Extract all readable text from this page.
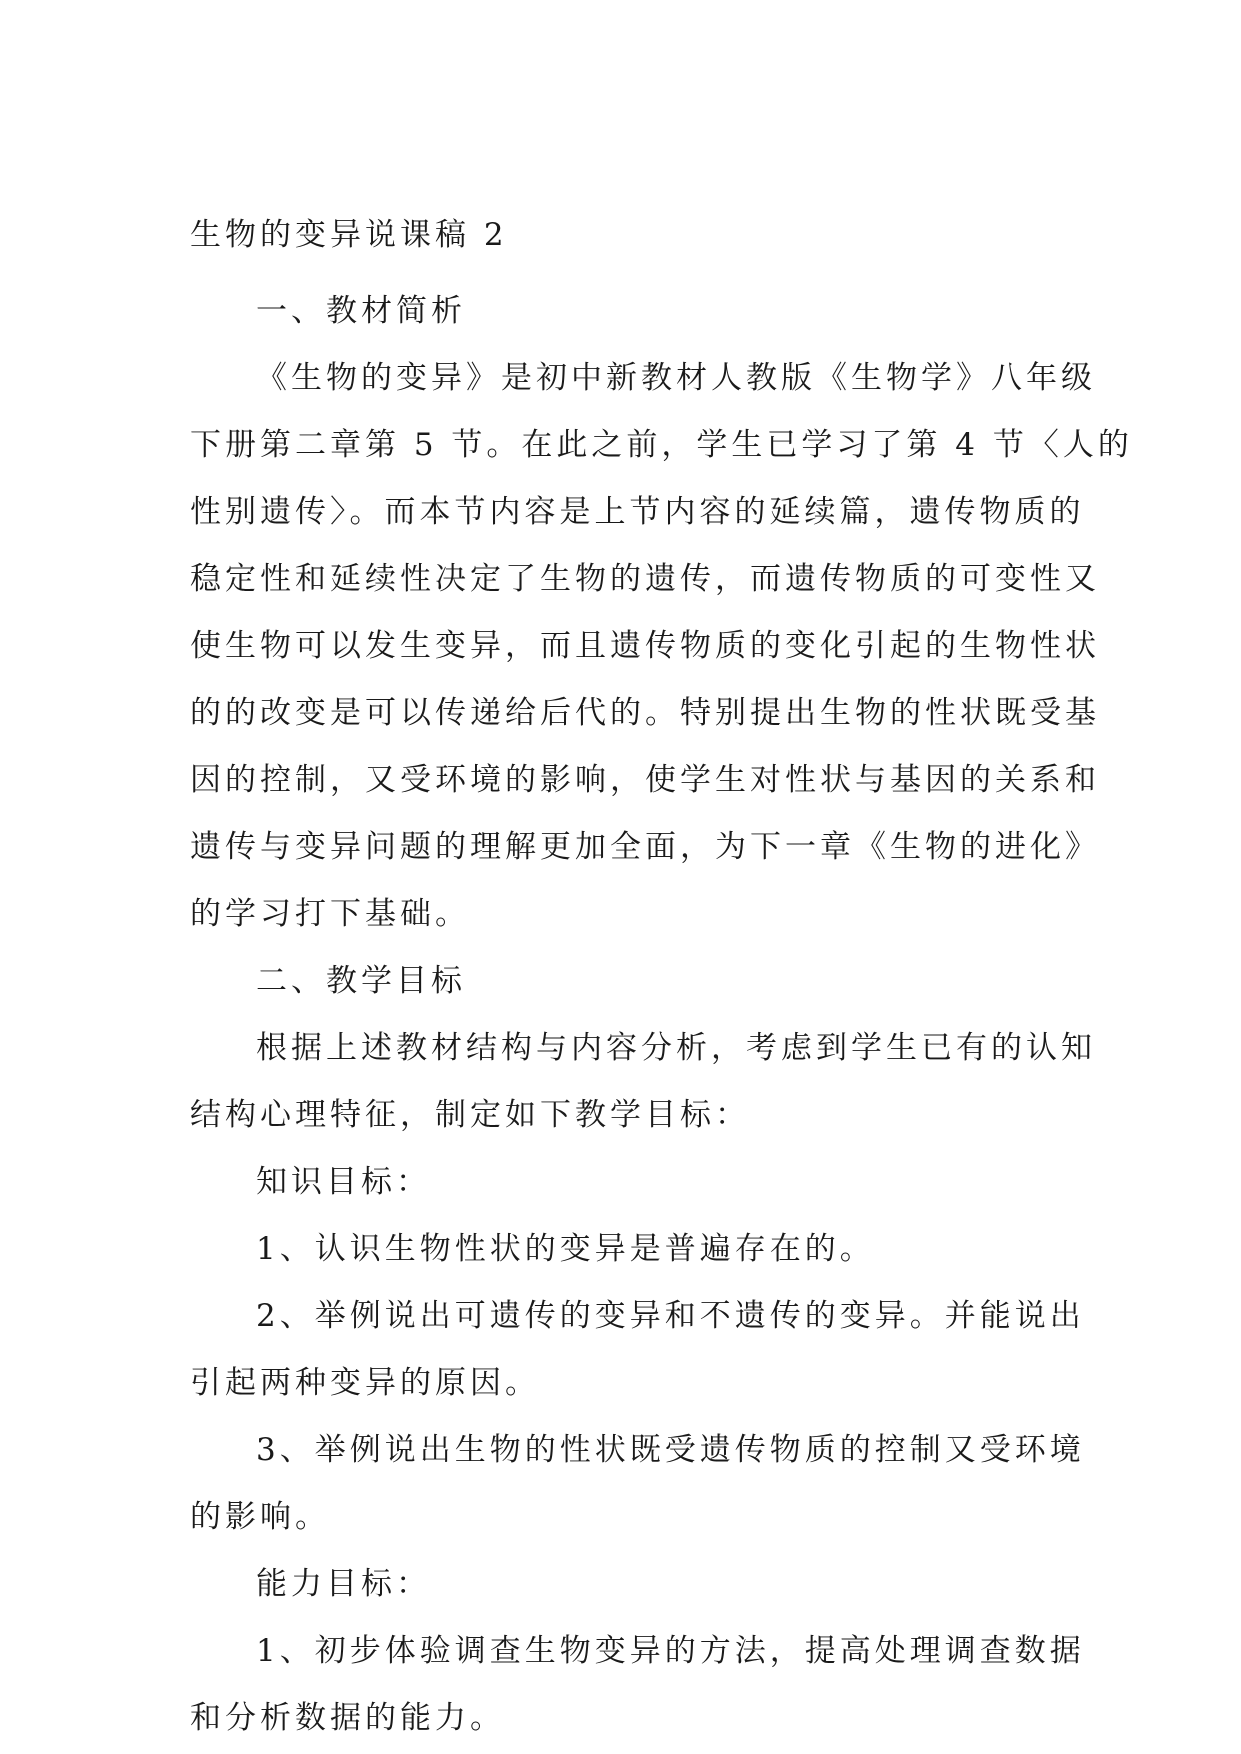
生物的变异说课稿 2
一、教材简析
《生物的变异》是初中新教材人教版《生物学》八年级
下册第二章第 5 节。在此之前，学生已学习了第 4 节〈人的
性别遗传〉。而本节内容是上节内容的延续篇，遗传物质的
稳定性和延续性决定了生物的遗传，而遗传物质的可变性又
使生物可以发生变异，而且遗传物质的变化引起的生物性状
的的改变是可以传递给后代的。特别提出生物的性状既受基
因的控制，又受环境的影响，使学生对性状与基因的关系和
遗传与变异问题的理解更加全面，为下一章《生物的进化》
的学习打下基础。
二、教学目标
根据上述教材结构与内容分析，考虑到学生已有的认知
结构心理特征，制定如下教学目标：
知识目标：
1、认识生物性状的变异是普遍存在的。
2、举例说出可遗传的变异和不遗传的变异。并能说出
引起两种变异的原因。
3、举例说出生物的性状既受遗传物质的控制又受环境
的影响。
能力目标：
1、初步体验调查生物变异的方法，提高处理调查数据
和分析数据的能力。
